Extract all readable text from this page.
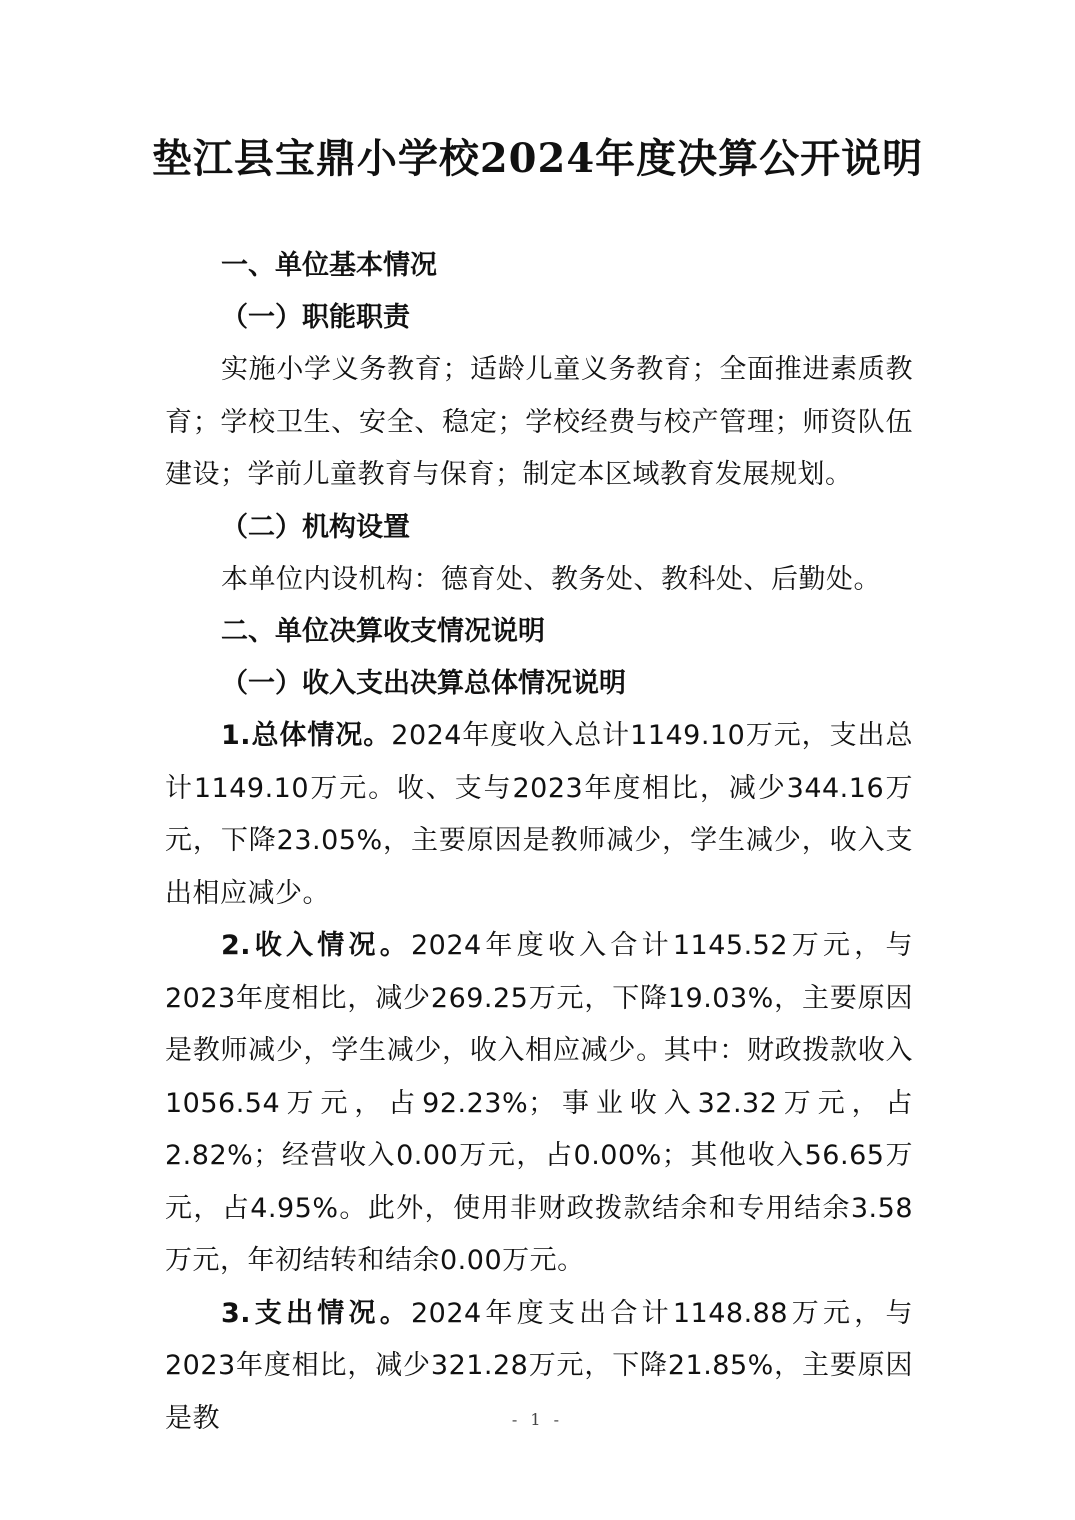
垫江县宝鼎小学校2024年度决算公开说明

一、单位基本情况

（一）职能职责

实施小学义务教育；适龄儿童义务教育；全面推进素质教育；学校卫生、安全、稳定；学校经费与校产管理；师资队伍建设；学前儿童教育与保育；制定本区域教育发展规划。

（二）机构设置

本单位内设机构：德育处、教务处、教科处、后勤处。

二、单位决算收支情况说明

（一）收入支出决算总体情况说明

1.总体情况。2024年度收入总计1149.10万元，支出总计1149.10万元。收、支与2023年度相比，减少344.16万元，下降23.05%，主要原因是教师减少，学生减少，收入支出相应减少。

2.收入情况。2024年度收入合计1145.52万元，与2023年度相比，减少269.25万元，下降19.03%，主要原因是教师减少，学生减少，收入相应减少。其中：财政拨款收入1056.54万元，占92.23%；事业收入32.32万元，占2.82%；经营收入0.00万元，占0.00%；其他收入56.65万元，占4.95%。此外，使用非财政拨款结余和专用结余3.58万元，年初结转和结余0.00万元。

3.支出情况。2024年度支出合计1148.88万元，与2023年度相比，减少321.28万元，下降21.85%，主要原因是教	- 1 -
